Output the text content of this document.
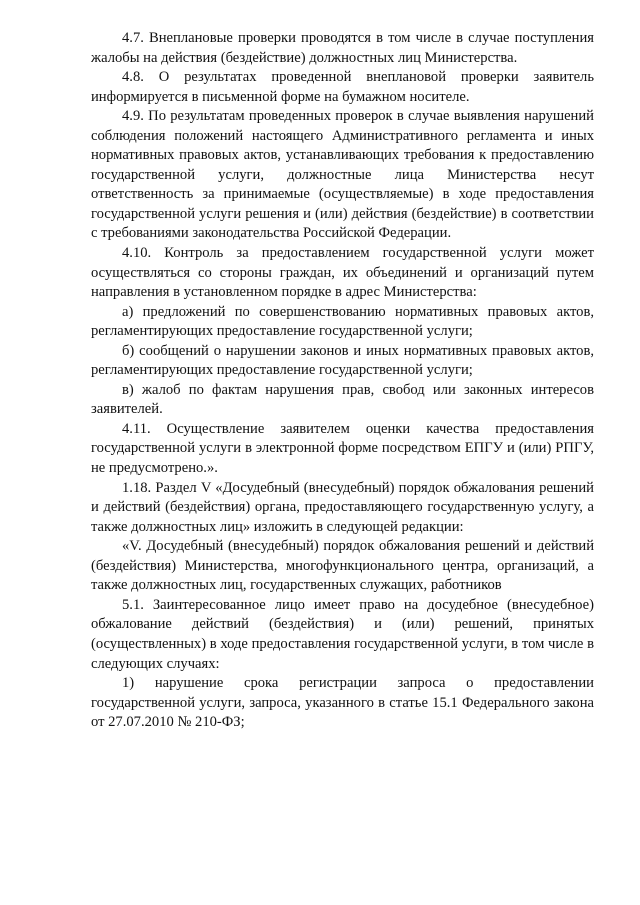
4.7. Внеплановые проверки проводятся в том числе в случае поступления жалобы на действия (бездействие) должностных лиц Министерства.

4.8. О результатах проведенной внеплановой проверки заявитель информируется в письменной форме на бумажном носителе.

4.9. По результатам проведенных проверок в случае выявления нарушений соблюдения положений настоящего Административного регламента и иных нормативных правовых актов, устанавливающих требования к предоставлению государственной услуги, должностные лица Министерства несут ответственность за принимаемые (осуществляемые) в ходе предоставления государственной услуги решения и (или) действия (бездействие) в соответствии с требованиями законодательства Российской Федерации.

4.10. Контроль за предоставлением государственной услуги может осуществляться со стороны граждан, их объединений и организаций путем направления в установленном порядке в адрес Министерства:

а) предложений по совершенствованию нормативных правовых актов, регламентирующих предоставление государственной услуги;

б) сообщений о нарушении законов и иных нормативных правовых актов, регламентирующих предоставление государственной услуги;

в) жалоб по фактам нарушения прав, свобод или законных интересов заявителей.

4.11. Осуществление заявителем оценки качества предоставления государственной услуги в электронной форме посредством ЕПГУ и (или) РПГУ, не предусмотрено.».

1.18. Раздел V «Досудебный (внесудебный) порядок обжалования решений и действий (бездействия) органа, предоставляющего государственную услугу, а также должностных лиц» изложить в следующей редакции:

«V. Досудебный (внесудебный) порядок обжалования решений и действий (бездействия) Министерства, многофункционального центра, организаций, а также должностных лиц, государственных служащих, работников

5.1. Заинтересованное лицо имеет право на досудебное (внесудебное) обжалование действий (бездействия) и (или) решений, принятых (осуществленных) в ходе предоставления государственной услуги, в том числе в следующих случаях:

1) нарушение срока регистрации запроса о предоставлении государственной услуги, запроса, указанного в статье 15.1 Федерального закона от 27.07.2010 № 210-ФЗ;
